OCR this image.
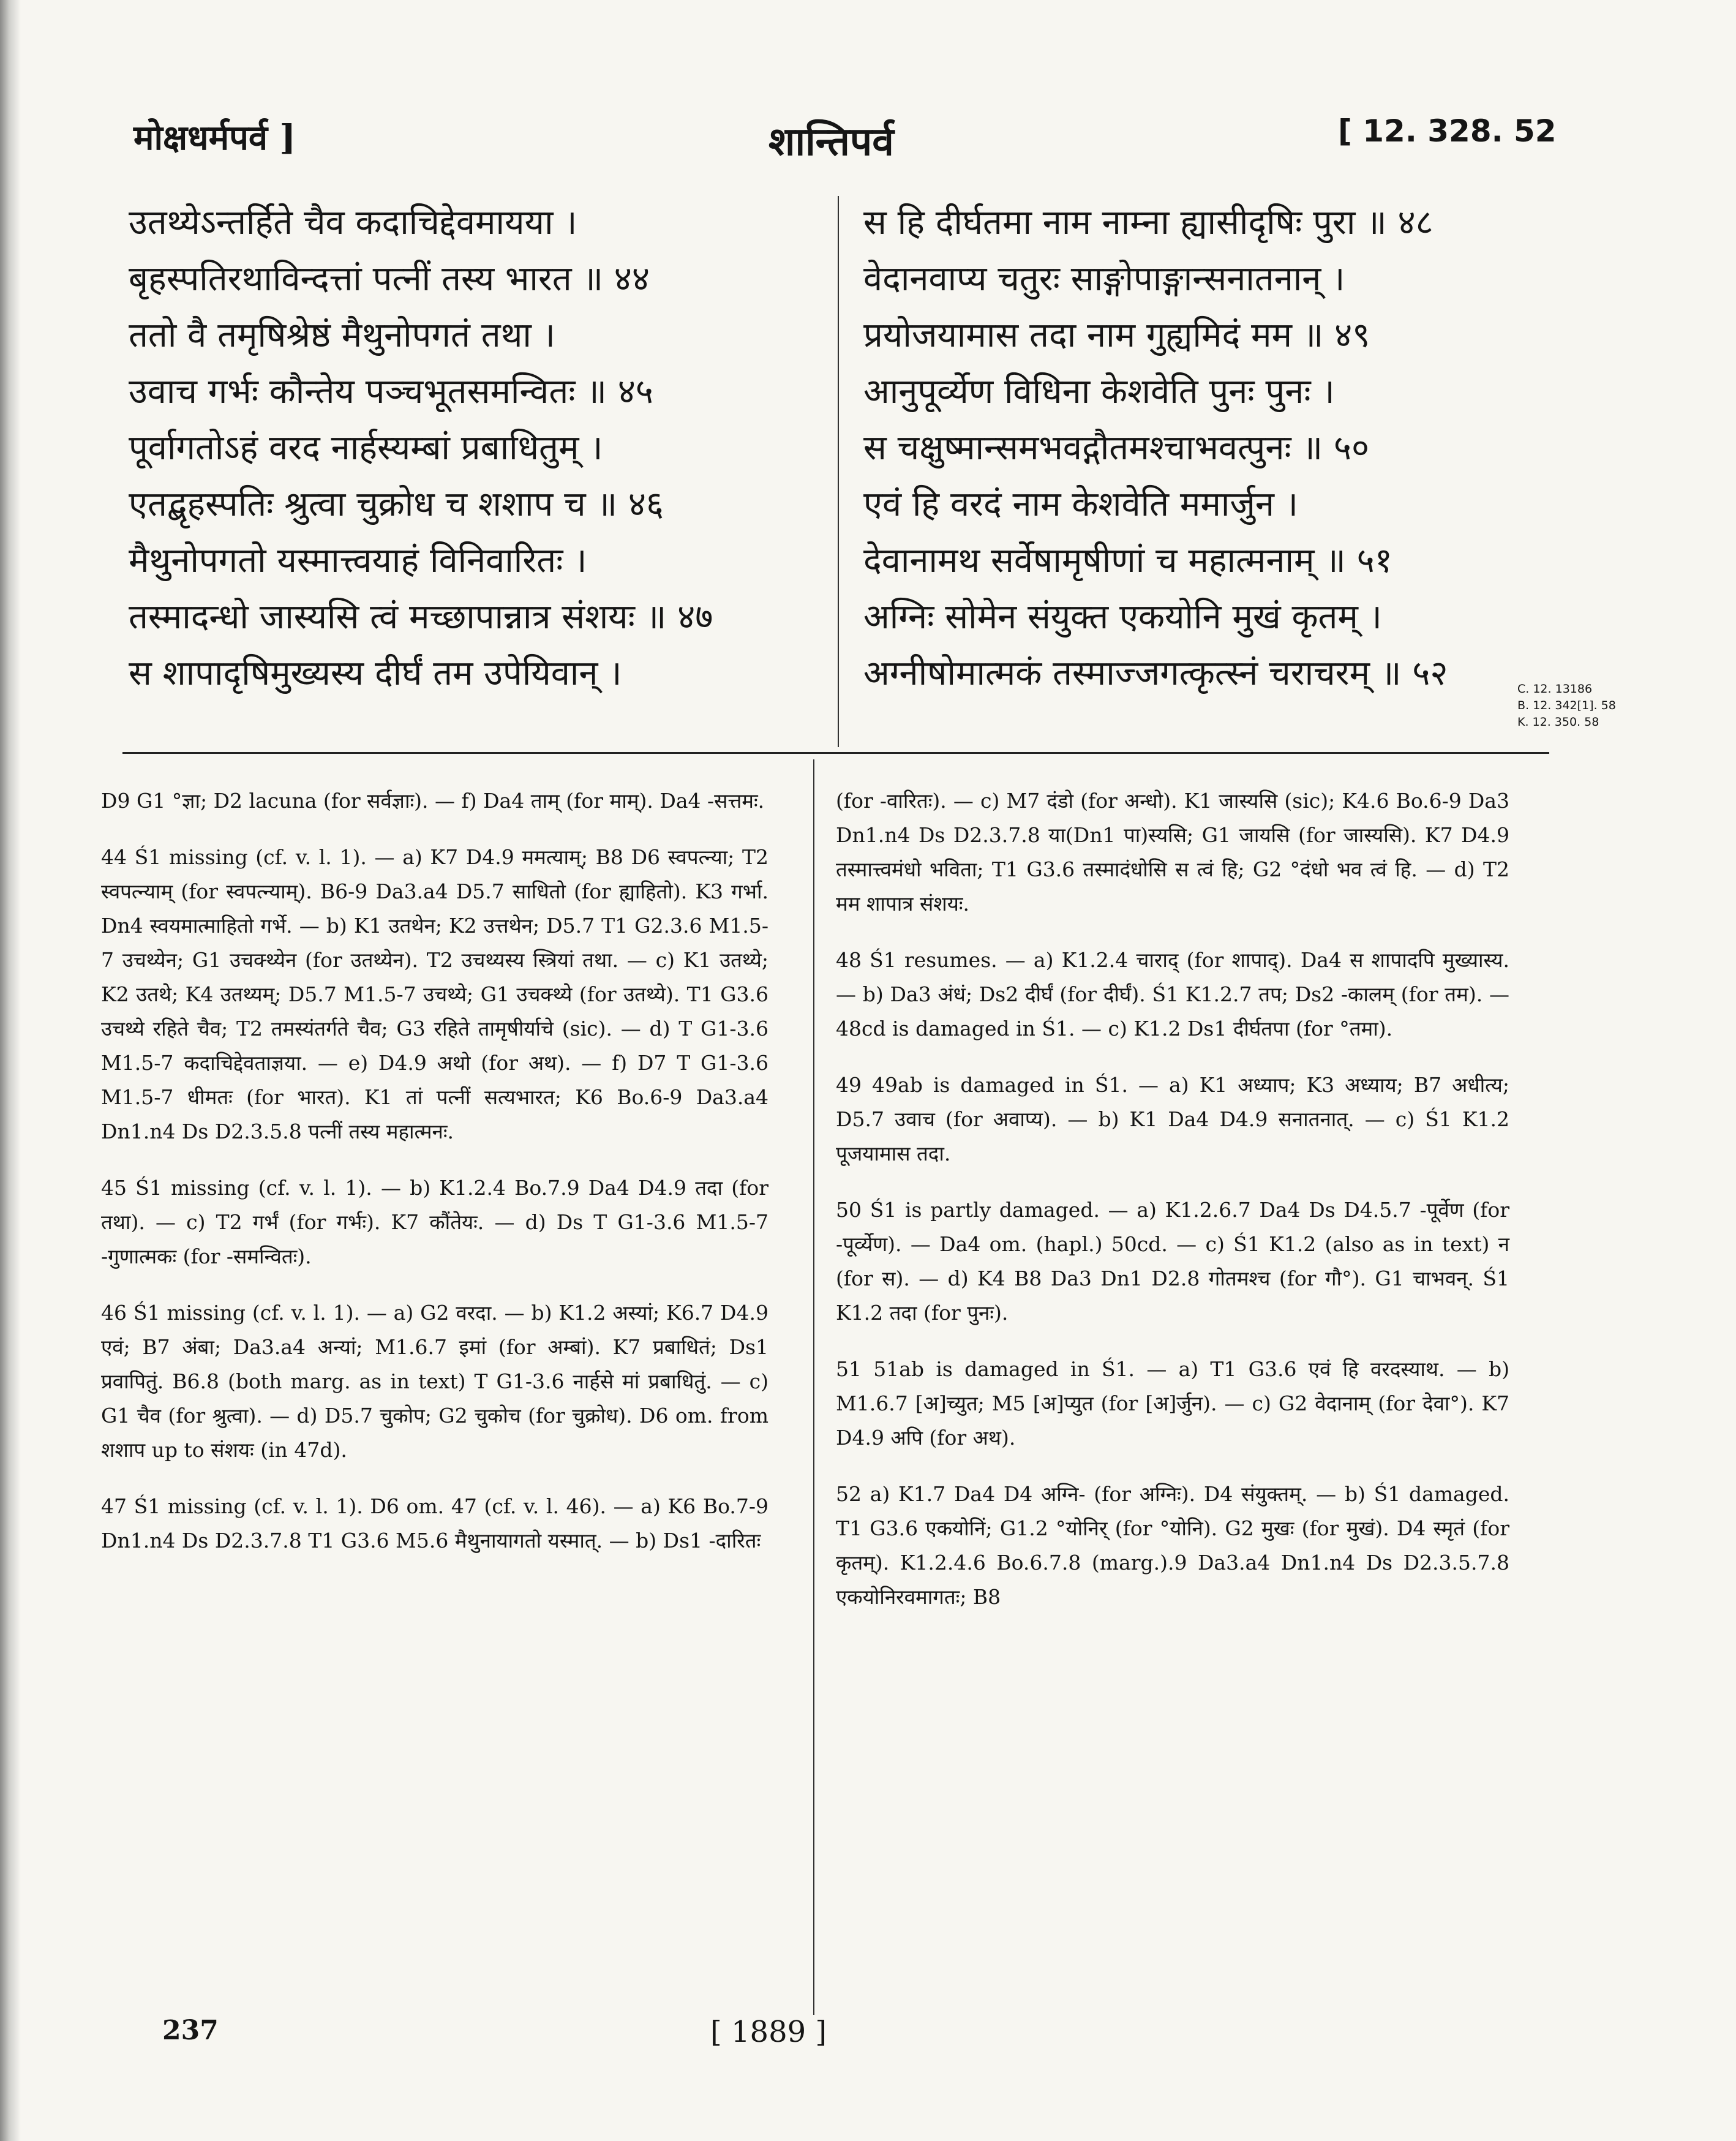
मोक्षधर्मपर्व ]	शान्तिपर्व	[ 12. 328. 52
उतथ्येऽन्तर्हिते चैव कदाचिद्देवमायया ।
बृहस्पतिरथाविन्दत्तां पत्नीं तस्य भारत ॥ ४४
ततो वै तमृषिश्रेष्ठं मैथुनोपगतं तथा ।
उवाच गर्भः कौन्तेय पञ्चभूतसमन्वितः ॥ ४५
पूर्वागतोऽहं वरद नार्हस्यम्बां प्रबाधितुम् ।
एतद्बृहस्पतिः श्रुत्वा चुक्रोध च शशाप च ॥ ४६
मैथुनोपगतो यस्मात्त्वयाहं विनिवारितः ।
तस्मादन्धो जास्यसि त्वं मच्छापान्नात्र संशयः ॥ ४७
स शापादृषिमुख्यस्य दीर्घं तम उपेयिवान् ।
स हि दीर्घतमा नाम नाम्ना ह्यासीदृषिः पुरा ॥ ४८
वेदानवाप्य चतुरः साङ्गोपाङ्गान्सनातनान् ।
प्रयोजयामास तदा नाम गुह्यमिदं मम ॥ ४९
आनुपूर्व्येण विधिना केशवेति पुनः पुनः ।
स चक्षुष्मान्समभवद्गौतमश्चाभवत्पुनः ॥ ५०
एवं हि वरदं नाम केशवेति ममार्जुन ।
देवानामथ सर्वेषामृषीणां च महात्मनाम् ॥ ५१
अग्निः सोमेन संयुक्त एकयोनि मुखं कृतम् ।
अग्नीषोमात्मकं तस्माज्जगत्कृत्स्नं चराचरम् ॥ ५२	C. 12. 13186
B. 12. 342[1]. 58
K. 12. 350. 58
D9 G1 °ज्ञा; D2 lacuna (for सर्वज्ञाः). — f) Da4 ताम् (for माम्). Da4 -सत्तमः.
44 Ś1 missing (cf. v. l. 1). — a) K7 D4.9 ममत्याम्; B8 D6 स्वपत्न्या; T2 स्वपत्न्याम् (for स्वपत्न्याम्). B6-9 Da3.a4 D5.7 साधितो (for ह्याहितो). K3 गर्भा. Dn4 स्वयमात्माहितो गर्भे. — b) K1 उतथेन; K2 उत्तथेन; D5.7 T1 G2.3.6 M1.5-7 उचथ्येन; G1 उचक्थ्येन (for उतथ्येन). T2 उचथ्यस्य स्त्रियां तथा. — c) K1 उतथ्ये; K2 उतथे; K4 उतथ्यम्; D5.7 M1.5-7 उचथ्ये; G1 उचक्थ्ये (for उतथ्ये). T1 G3.6 उचथ्ये रहिते चैव; T2 तमस्यंतर्गते चैव; G3 रहिते तामृषीर्याचे (sic). — d) T G1-3.6 M1.5-7 कदाचिद्देवताज्ञया. — e) D4.9 अथो (for अथ). — f) D7 T G1-3.6 M1.5-7 धीमतः (for भारत). K1 तां पत्नीं सत्यभारत; K6 Bo.6-9 Da3.a4 Dn1.n4 Ds D2.3.5.8 पत्नीं तस्य महात्मनः.
45 Ś1 missing (cf. v. l. 1). — b) K1.2.4 Bo.7.9 Da4 D4.9 तदा (for तथा). — c) T2 गर्भं (for गर्भः). K7 कौंतेयः. — d) Ds T G1-3.6 M1.5-7 -गुणात्मकः (for -समन्वितः).
46 Ś1 missing (cf. v. l. 1). — a) G2 वरदा. — b) K1.2 अस्यां; K6.7 D4.9 एवं; B7 अंबा; Da3.a4 अन्यां; M1.6.7 इमां (for अम्बां). K7 प्रबाधितं; Ds1 प्रवापितुं. B6.8 (both marg. as in text) T G1-3.6 नार्हसे मां प्रबाधितुं. — c) G1 चैव (for श्रुत्वा). — d) D5.7 चुकोप; G2 चुकोच (for चुक्रोध). D6 om. from शशाप up to संशयः (in 47d).
47 Ś1 missing (cf. v. l. 1). D6 om. 47 (cf. v. l. 46). — a) K6 Bo.7-9 Dn1.n4 Ds D2.3.7.8 T1 G3.6 M5.6 मैथुनायागतो यस्मात्. — b) Ds1 -दारितः
(for -वारितः). — c) M7 दंडो (for अन्धो). K1 जास्यसि (sic); K4.6 Bo.6-9 Da3 Dn1.n4 Ds D2.3.7.8 या(Dn1 पा)स्यसि; G1 जायसि (for जास्यसि). K7 D4.9 तस्मात्त्वमंधो भविता; T1 G3.6 तस्मादंधोसि स त्वं हि; G2 °दंधो भव त्वं हि. — d) T2 मम शापात्र संशयः.
48 Ś1 resumes. — a) K1.2.4 चाराद् (for शापाद्). Da4 स शापादपि मुख्यास्य. — b) Da3 अंधं; Ds2 दीर्घं (for दीर्घं). Ś1 K1.2.7 तप; Ds2 -कालम् (for तम). — 48cd is damaged in Ś1. — c) K1.2 Ds1 दीर्घतपा (for °तमा).
49 49ab is damaged in Ś1. — a) K1 अध्याप; K3 अध्याय; B7 अधीत्य; D5.7 उवाच (for अवाप्य). — b) K1 Da4 D4.9 सनातनात्. — c) Ś1 K1.2 पूजयामास तदा.
50 Ś1 is partly damaged. — a) K1.2.6.7 Da4 Ds D4.5.7 -पूर्वेण (for -पूर्व्येण). — Da4 om. (hapl.) 50cd. — c) Ś1 K1.2 (also as in text) न (for स). — d) K4 B8 Da3 Dn1 D2.8 गोतमश्च (for गौ°). G1 चाभवन्. Ś1 K1.2 तदा (for पुनः).
51 51ab is damaged in Ś1. — a) T1 G3.6 एवं हि वरदस्याथ. — b) M1.6.7 [अ]च्युत; M5 [अ]प्युत (for [अ]र्जुन). — c) G2 वेदानाम् (for देवा°). K7 D4.9 अपि (for अथ).
52 a) K1.7 Da4 D4 अग्नि- (for अग्निः). D4 संयुक्तम्. — b) Ś1 damaged. T1 G3.6 एकयोनिं; G1.2 °योनिर् (for °योनि). G2 मुखः (for मुखं). D4 स्मृतं (for कृतम्). K1.2.4.6 Bo.6.7.8 (marg.).9 Da3.a4 Dn1.n4 Ds D2.3.5.7.8 एकयोनिरवमागतः; B8
237	[ 1889 ]
